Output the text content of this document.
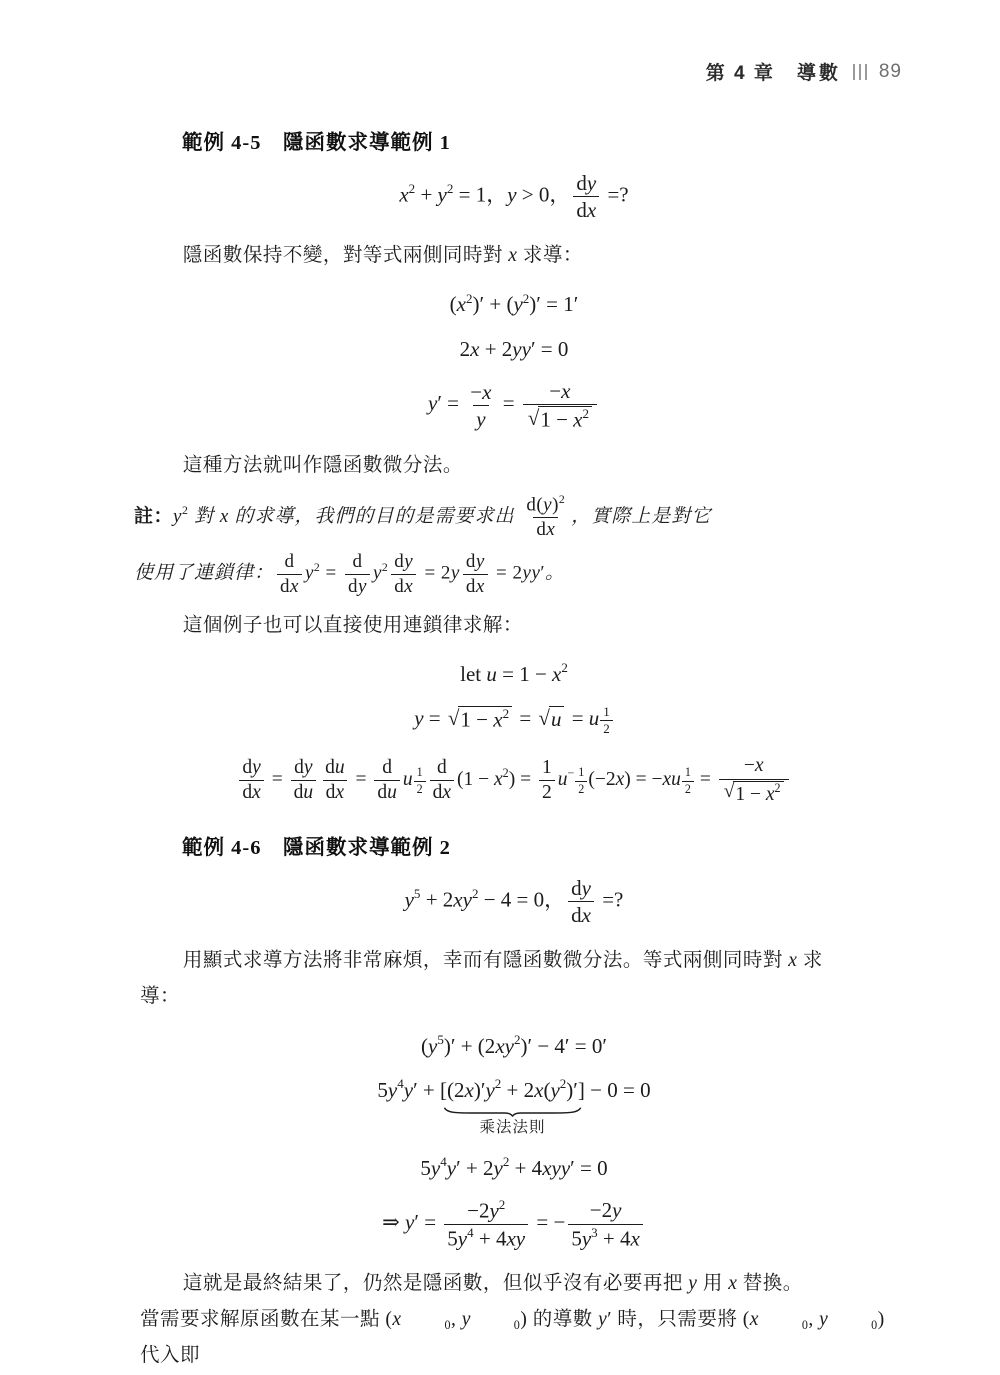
第 4 章 導數 89
範例 4-5　隱函數求導範例 1
x2 + y2 = 1，y > 0， $\frac{dy}{dx}$ =?
隱函數保持不變，對等式兩側同時對 x 求導：
(x2)′ + (y2)′ = 1′
2x + 2yy′ = 0
$y' = \frac{-x}{y} = \frac{-x}{√ 1 - x2}$
這種方法就叫作隱函數微分法。
註：y2 對 x 的求導，我們的目的是需要求出 $\frac{d(y)2}{dx}$ ，實際上是對它
使用了連鎖律： $\frac{d}{dx} y2 = \frac{d}{dy} y2 \frac{dy}{dx} = 2y \frac{dy}{dx} = 2yy'$。
這個例子也可以直接使用連鎖律求解：
let u = 1 − x2
y = √ 1 − x2 = √ u = u $\frac{1}{2}$
$\frac{dy}{dx} = \frac{dy}{du} \frac{du}{dx} = \frac{d}{du}$ u $\frac{1}{2} \frac{d}{dx} (1 - x2) = \frac{1}{2} u- \frac{1}{2} (-2x) = -xu \frac{1}{2} = \frac{-x}{√ 1 - x2}$
範例 4-6　隱函數求導範例 2
y5 + 2xy2 − 4 = 0， $\frac{dy}{dx}$ =?
用顯式求導方法將非常麻煩，幸而有隱函數微分法。等式兩側同時對 x 求
導：
(y5)′ + (2xy2)′ − 4′ = 0′
5y4y′ + [(2x)′y2 + 2x(y2)′]
乘法法則
− 0 = 0
5y4y′ + 2y2 + 4xyy′ = 0
⇒ $y' = \frac{-2y2}{5y4 + 4xy}$ = − $\frac{-2y}{5y3 + 4x}$
這就是最終結果了，仍然是隱函數，但似乎沒有必要再把 y 用 x 替換。
當需要求解原函數在某一點 (x	0, y	0) 的導數 y′ 時，只需要將 (x	0, y	0) 代入即
